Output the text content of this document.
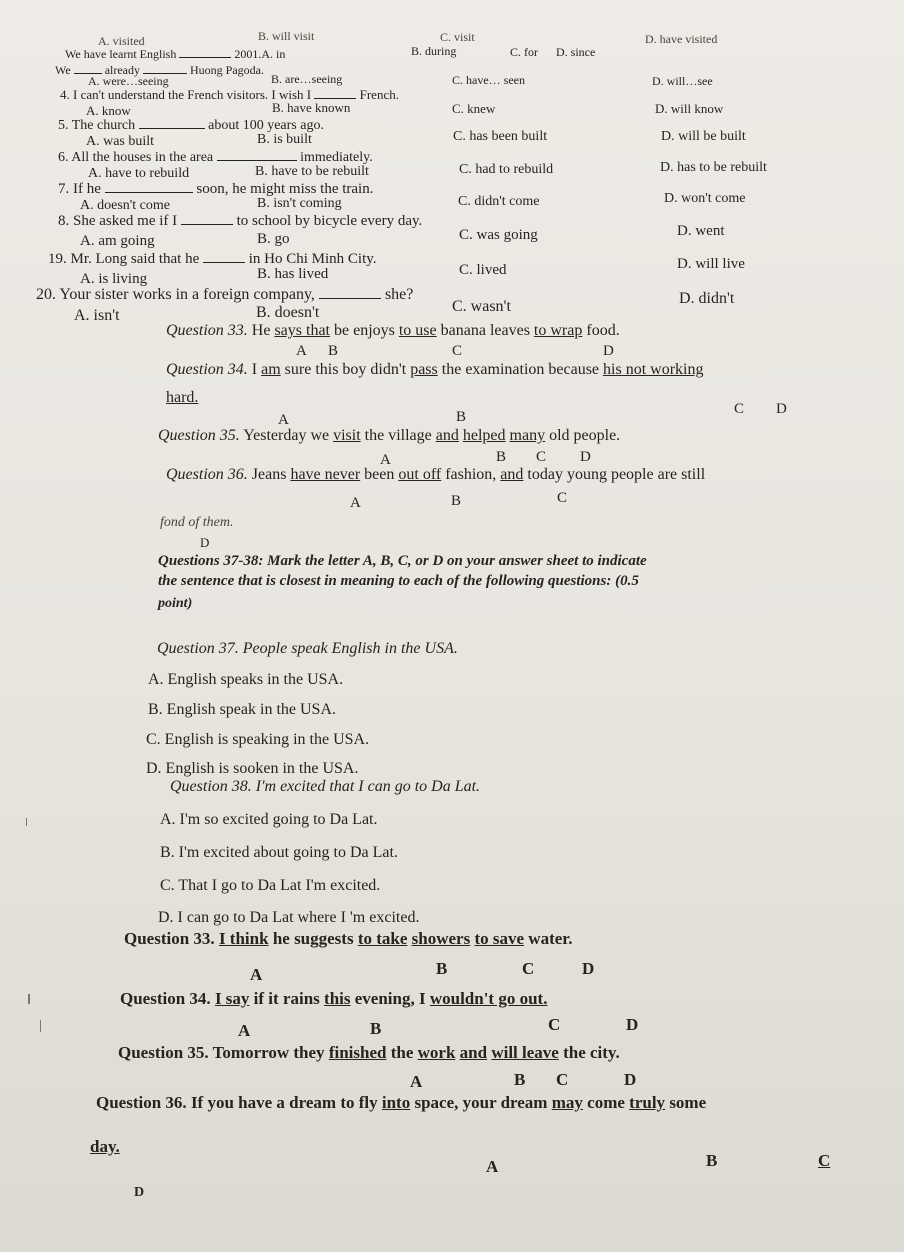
A. visited	B. will visit	C. visit	D. have visited
We have learnt English	2001.A. in	B. during	C. for D. since
We	already	Huong Pagoda.
A. were…seeing	B. are…seeing	C. have… seen	D. will…see
4. I can't understand the French visitors. I wish I	French.
A. know	B. have known	C. knew	D. will know
5. The church	about 100 years ago.
A. was built	B. is built	C. has been built	D. will be built
6. All the houses in the area	immediately.
A. have to rebuild	B. have to be rebuilt	C. had to rebuild	D. has to be rebuilt
7. If he	soon, he might miss the train.
A. doesn't come	B. isn't coming	C. didn't come	D. won't come
8. She asked me if I	to school by bicycle every day.
A. am going	B. go	C. was going	D. went
19. Mr. Long said that he	in Ho Chi Minh City.
A. is living	B. has lived	C. lived	D. will live
20. Your sister works in a foreign company,	she?
A. isn't	B. doesn't	C. wasn't	D. didn't
Question 33. He says that be enjoys to use banana leaves to wrap food.
A B	C	D
Question 34. I am sure this boy didn't pass the examination because his not working
hard.
A	B	C D
Question 35. Yesterday we visit the village and helped many old people.
A	B C D
Question 36. Jeans have never been out off fashion, and today young people are still
A	B	C
fond of them.
D
Questions 37-38: Mark the letter A, B, C, or D on your answer sheet to indicate
the sentence that is closest in meaning to each of the following questions: (0.5
point)
Question 37. People speak English in the USA.
A. English speaks in the USA.
B. English speak in the USA.
C. English is speaking in the USA.
D. English is sooken in the USA.
Question 38. I'm excited that I can go to Da Lat.
A. I'm so excited going to Da Lat.
B. I'm excited about going to Da Lat.
C. That I go to Da Lat I'm excited.
D. I can go to Da Lat where I 'm excited.
Question 33. I think he suggests to take showers to save water.
A	B	C	D
Question 34. I say if it rains this evening, I wouldn't go out.
A	B	C	D
Question 35. Tomorrow they finished the work and will leave the city.
A	B C	D
Question 36. If you have a dream to fly into space, your dream may come truly some
day.
A	B	C
D
